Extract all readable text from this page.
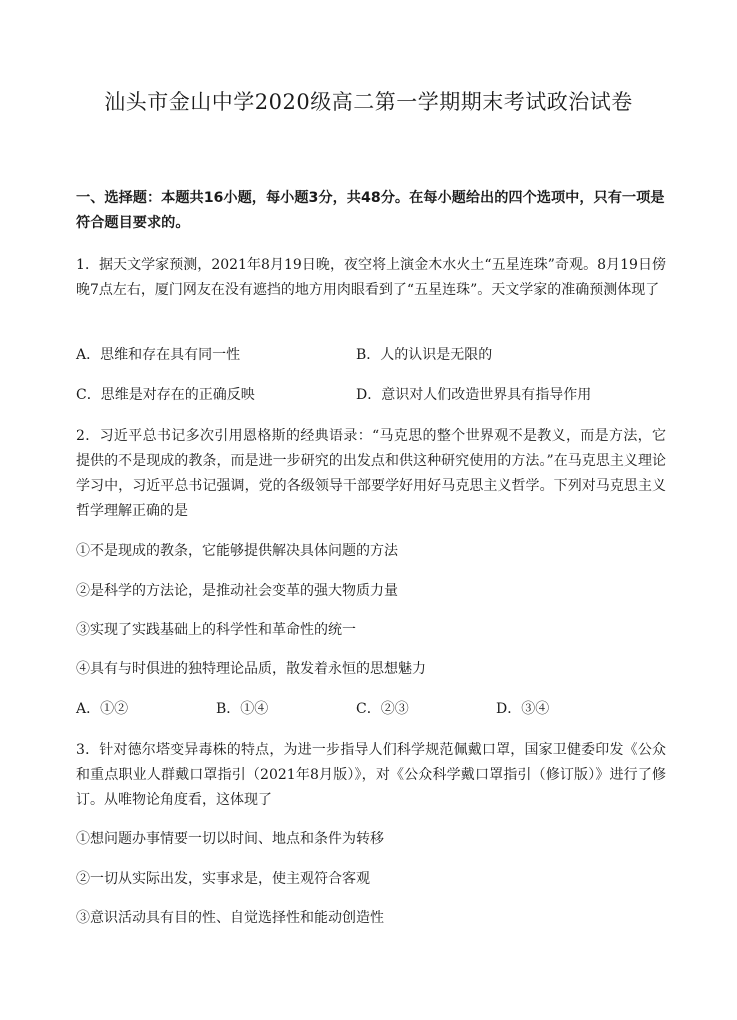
汕头市金山中学2020级高二第一学期期末考试政治试卷
一、选择题：本题共16小题，每小题3分，共48分。在每小题给出的四个选项中，只有一项是符合题目要求的。
1．据天文学家预测，2021年8月19日晚，夜空将上演金木水火土“五星连珠”奇观。8月19日傍晚7点左右，厦门网友在没有遮挡的地方用肉眼看到了“五星连珠”。天文学家的准确预测体现了
A．思维和存在具有同一性	B．人的认识是无限的
C．思维是对存在的正确反映	D．意识对人们改造世界具有指导作用
2．习近平总书记多次引用恩格斯的经典语录：“马克思的整个世界观不是教义，而是方法，它提供的不是现成的教条，而是进一步研究的出发点和供这种研究使用的方法。”在马克思主义理论学习中，习近平总书记强调，党的各级领导干部要学好用好马克思主义哲学。下列对马克思主义哲学理解正确的是
①不是现成的教条，它能够提供解决具体问题的方法
②是科学的方法论，是推动社会变革的强大物质力量
③实现了实践基础上的科学性和革命性的统一
④具有与时俱进的独特理论品质，散发着永恒的思想魅力
A．①②	B．①④	C．②③	D．③④
3．针对德尔塔变异毒株的特点，为进一步指导人们科学规范佩戴口罩，国家卫健委印发《公众和重点职业人群戴口罩指引（2021年8月版）》，对《公众科学戴口罩指引（修订版）》进行了修订。从唯物论角度看，这体现了
①想问题办事情要一切以时间、地点和条件为转移
②一切从实际出发，实事求是，使主观符合客观
③意识活动具有目的性、自觉选择性和能动创造性
